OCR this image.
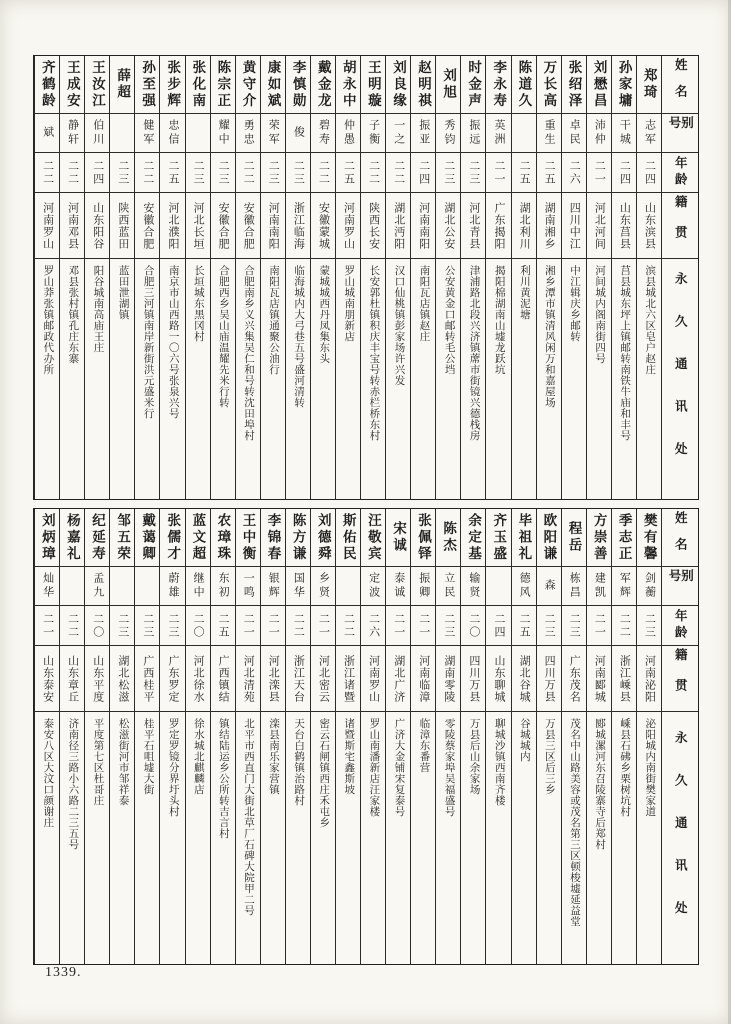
姓名
别号
年龄
籍贯
永久通讯处
郑琦
志军
二四
山东滨县
滨县城北六区皂户赵庄
孙家墉
干城
二四
山东莒县
莒县城东坪上镇邮转南铁牛庙和丰号
刘懋昌
沛仲
二一
河北河间
河间城内阁南街四号
张绍泽
卓民
二六
四川中江
中江辑庆乡邮转
万长高
重生
二五
湖南湘乡
湘乡潭市镇清风闲万和嘉屋场
陈道久
二五
湖北利川
利川黄泥塘
李永寿
英洲
二一
广东揭阳
揭阳棉湖南山墟龙跃坑
时金声
振远
二三
河北青县
津浦路北段兴济镇蓆市街镜兴德栈房
刘旭
秀钧
二三
湖北公安
公安黄金口邮转毛公垱
赵明祺
振亚
二四
河南南阳
南阳瓦店镇赵庄
刘良缘
一之
二二
湖北沔阳
汉口仙桃镇彭家场许兴发
王明璇
子衡
二二
陕西长安
长安郭杜镇积庆丰宝号转赤栏桥东村
胡永中
仲愚
二五
河南罗山
罗山城南朋新店
戴金龙
碧寿
二二
安徽蒙城
蒙城城西丹凤集东头
李慎勋
俊
二三
浙江临海
临海城内大弓巷五号盛河清转
康如斌
荣军
二三
河南南阳
南阳瓦店镇通聚公油行
黄守介
勇忠
二二
安徽合肥
合肥南乡义兴集吴仁和号转沈田埠村
陈宗正
耀中
二三
安徽合肥
合肥西乡吴山庙温耀先米行转
张化南
二三
河北长垣
长垣城东黑冈村
张步辉
忠信
二五
河北濮阳
南京市山西路一〇六号张泉兴号
孙至强
健军
二二
安徽合肥
合肥三河镇南岸新街洪元盛米行
薛超
二三
陕西蓝田
蓝田泄湖镇
王汝江
伯川
二四
山东阳谷
阳谷城南高庙王庄
王成安
静轩
二二
河南邓县
邓县张村镇孔庄东寨
齐鹤龄
斌
二二
河南罗山
罗山莽张镇邮政代办所
姓名
别号
年龄
籍贯
永久通讯处
樊有馨
剑蘅
二三
河南泌阳
泌阳城内南街樊家道
季志正
军辉
二二
浙江嵊县
嵊县石砩乡栗树坑村
方崇善
建凯
二一
河南郾城
郾城漯河东召陵寨寺后郑村
程岳
栋昌
二三
广东茂名
茂名中山路美容或茂名第三区顿梭墟延益堂
欧阳谦
森
二三
四川万县
万县三区后三乡
毕祖礼
德风
二五
湖北谷城
谷城城内
齐玉盛
二四
山东聊城
聊城沙镇西南齐楼
余定基
输贤
二〇
四川万县
万县后山余家场
陈杰
立民
二三
湖南零陵
零陵蔡家埠吴福盛号
张佩铎
振卿
二一
河南临漳
临漳东番营
宋诚
泰诚
二一
湖北广济
广济大金铺宋复泰号
汪敬宾
定波
二六
河南罗山
罗山南潘新店汪家楼
斯佑民
二二
浙江诸暨
诸暨斯宅鑫斯坡
刘德舜
乡贤
二一
河北密云
密云石闸镇西庄禾屯乡
陈方谦
国华
二二
浙江天台
天台白鹤镇治路村
李锦春
银辉
二一
河北滦县
滦县南乐家营镇
王中衡
一鸣
二一
河北清苑
北平市西直门大街北草厂石碑大院甲二号
农璋珠
东初
二五
广西镇结
镇结陆运乡公所转吉言村
蓝文超
继中
二〇
河北徐水
徐水城北麒麟店
张儒才
蔚雄
二三
广东罗定
罗定罗镜分界圩头村
戴蔼卿
二三
广西桂平
桂平石咀墟大街
邹五荣
二三
湖北松滋
松滋街河市邹祥泰
纪延寿
孟九
二〇
山东平度
平度第七区杜哥庄
杨嘉礼
二二
山东章丘
济南径三路小六路二三五号
刘炳璋
灿华
二一
山东泰安
泰安八区大汶口颜谢庄
1339.
